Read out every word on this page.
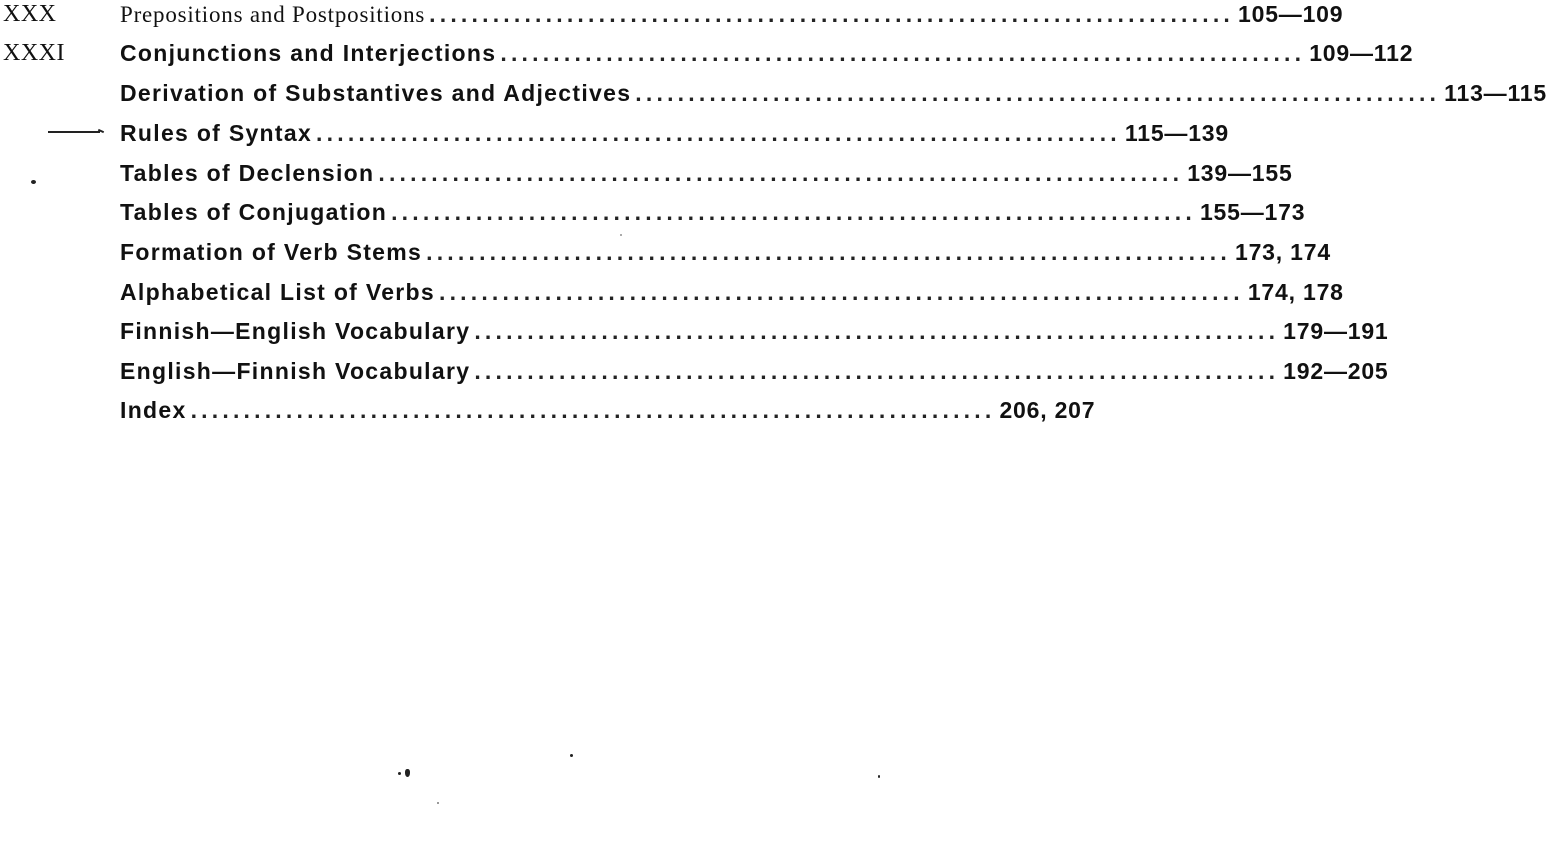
XXX	Prepositions and Postpositions ............................................................................ 105—109
XXXI Conjunctions and Interjections ............................................................................ 109—112
Derivation of Substantives and Adjectives ............................................................................ 113—115
Rules of Syntax ............................................................................ 115—139
Tables of Declension ............................................................................ 139—155
Tables of Conjugation ............................................................................ 155—173
Formation of Verb Stems ............................................................................ 173, 174
Alphabetical List of Verbs ............................................................................ 174, 178
Finnish—English Vocabulary ............................................................................ 179—191
English—Finnish Vocabulary ............................................................................ 192—205
Index ............................................................................ 206, 207
